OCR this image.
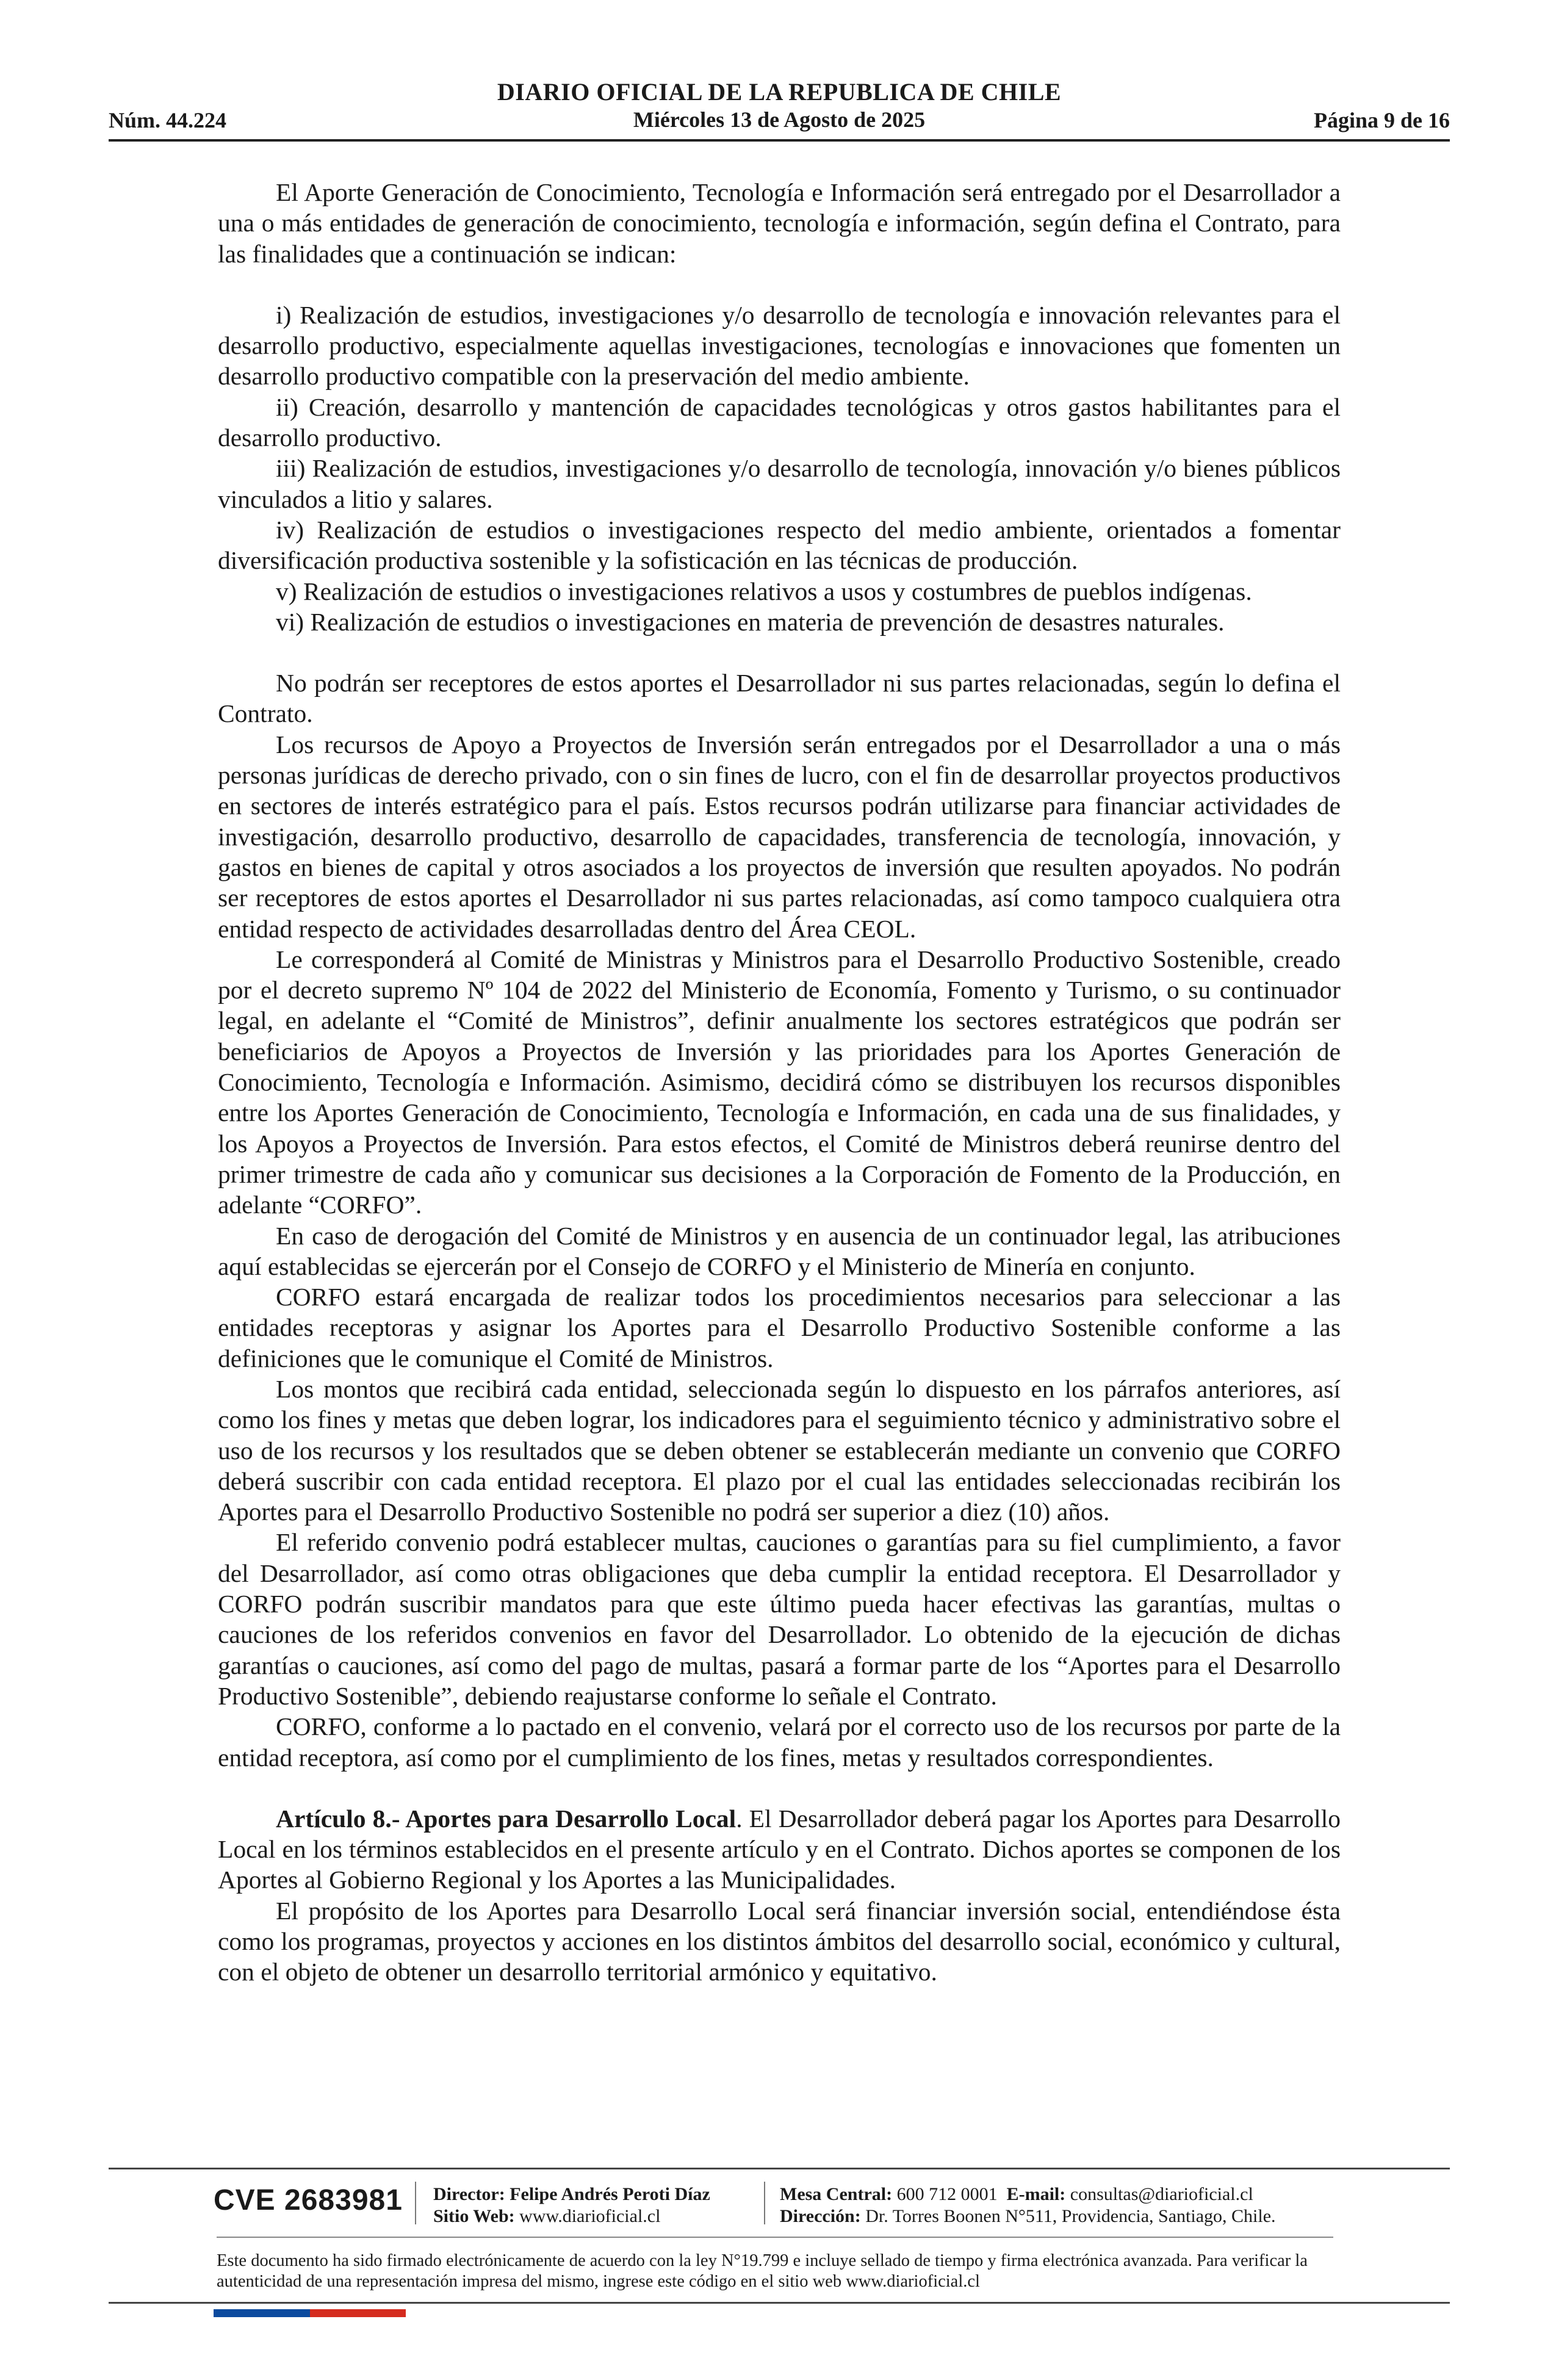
Núm. 44.224
DIARIO OFICIAL DE LA REPUBLICA DE CHILE
Miércoles 13 de Agosto de 2025	Página 9 de 16

El Aporte Generación de Conocimiento, Tecnología e Información será entregado por el Desarrollador a una o más entidades de generación de conocimiento, tecnología e información, según defina el Contrato, para las finalidades que a continuación se indican:

i) Realización de estudios, investigaciones y/o desarrollo de tecnología e innovación relevantes para el desarrollo productivo, especialmente aquellas investigaciones, tecnologías e innovaciones que fomenten un desarrollo productivo compatible con la preservación del medio ambiente.

ii) Creación, desarrollo y mantención de capacidades tecnológicas y otros gastos habilitantes para el desarrollo productivo.

iii) Realización de estudios, investigaciones y/o desarrollo de tecnología, innovación y/o bienes públicos vinculados a litio y salares.

iv) Realización de estudios o investigaciones respecto del medio ambiente, orientados a fomentar diversificación productiva sostenible y la sofisticación en las técnicas de producción.

v) Realización de estudios o investigaciones relativos a usos y costumbres de pueblos indígenas.

vi) Realización de estudios o investigaciones en materia de prevención de desastres naturales.

No podrán ser receptores de estos aportes el Desarrollador ni sus partes relacionadas, según lo defina el Contrato.

Los recursos de Apoyo a Proyectos de Inversión serán entregados por el Desarrollador a una o más personas jurídicas de derecho privado, con o sin fines de lucro, con el fin de desarrollar proyectos productivos en sectores de interés estratégico para el país. Estos recursos podrán utilizarse para financiar actividades de investigación, desarrollo productivo, desarrollo de capacidades, transferencia de tecnología, innovación, y gastos en bienes de capital y otros asociados a los proyectos de inversión que resulten apoyados. No podrán ser receptores de estos aportes el Desarrollador ni sus partes relacionadas, así como tampoco cualquiera otra entidad respecto de actividades desarrolladas dentro del Área CEOL.

Le corresponderá al Comité de Ministras y Ministros para el Desarrollo Productivo Sostenible, creado por el decreto supremo Nº 104 de 2022 del Ministerio de Economía, Fomento y Turismo, o su continuador legal, en adelante el “Comité de Ministros”, definir anualmente los sectores estratégicos que podrán ser beneficiarios de Apoyos a Proyectos de Inversión y las prioridades para los Aportes Generación de Conocimiento, Tecnología e Información. Asimismo, decidirá cómo se distribuyen los recursos disponibles entre los Aportes Generación de Conocimiento, Tecnología e Información, en cada una de sus finalidades, y los Apoyos a Proyectos de Inversión. Para estos efectos, el Comité de Ministros deberá reunirse dentro del primer trimestre de cada año y comunicar sus decisiones a la Corporación de Fomento de la Producción, en adelante “CORFO”.

En caso de derogación del Comité de Ministros y en ausencia de un continuador legal, las atribuciones aquí establecidas se ejercerán por el Consejo de CORFO y el Ministerio de Minería en conjunto.

CORFO estará encargada de realizar todos los procedimientos necesarios para seleccionar a las entidades receptoras y asignar los Aportes para el Desarrollo Productivo Sostenible conforme a las definiciones que le comunique el Comité de Ministros.

Los montos que recibirá cada entidad, seleccionada según lo dispuesto en los párrafos anteriores, así como los fines y metas que deben lograr, los indicadores para el seguimiento técnico y administrativo sobre el uso de los recursos y los resultados que se deben obtener se establecerán mediante un convenio que CORFO deberá suscribir con cada entidad receptora. El plazo por el cual las entidades seleccionadas recibirán los Aportes para el Desarrollo Productivo Sostenible no podrá ser superior a diez (10) años.

El referido convenio podrá establecer multas, cauciones o garantías para su fiel cumplimiento, a favor del Desarrollador, así como otras obligaciones que deba cumplir la entidad receptora. El Desarrollador y CORFO podrán suscribir mandatos para que este último pueda hacer efectivas las garantías, multas o cauciones de los referidos convenios en favor del Desarrollador. Lo obtenido de la ejecución de dichas garantías o cauciones, así como del pago de multas, pasará a formar parte de los “Aportes para el Desarrollo Productivo Sostenible”, debiendo reajustarse conforme lo señale el Contrato.

CORFO, conforme a lo pactado en el convenio, velará por el correcto uso de los recursos por parte de la entidad receptora, así como por el cumplimiento de los fines, metas y resultados correspondientes.

Artículo 8.- Aportes para Desarrollo Local. El Desarrollador deberá pagar los Aportes para Desarrollo Local en los términos establecidos en el presente artículo y en el Contrato. Dichos aportes se componen de los Aportes al Gobierno Regional y los Aportes a las Municipalidades.

El propósito de los Aportes para Desarrollo Local será financiar inversión social, entendiéndose ésta como los programas, proyectos y acciones en los distintos ámbitos del desarrollo social, económico y cultural, con el objeto de obtener un desarrollo territorial armónico y equitativo.

CVE 2683981 Director: Felipe Andrés Peroti Díaz
Sitio Web: www.diarioficial.cl
Mesa Central: 600 712 0001 E-mail: consultas@diarioficial.cl
Dirección: Dr. Torres Boonen N°511, Providencia, Santiago, Chile.
Este documento ha sido firmado electrónicamente de acuerdo con la ley N°19.799 e incluye sellado de tiempo y firma electrónica avanzada. Para verificar la autenticidad de una representación impresa del mismo, ingrese este código en el sitio web www.diarioficial.cl
